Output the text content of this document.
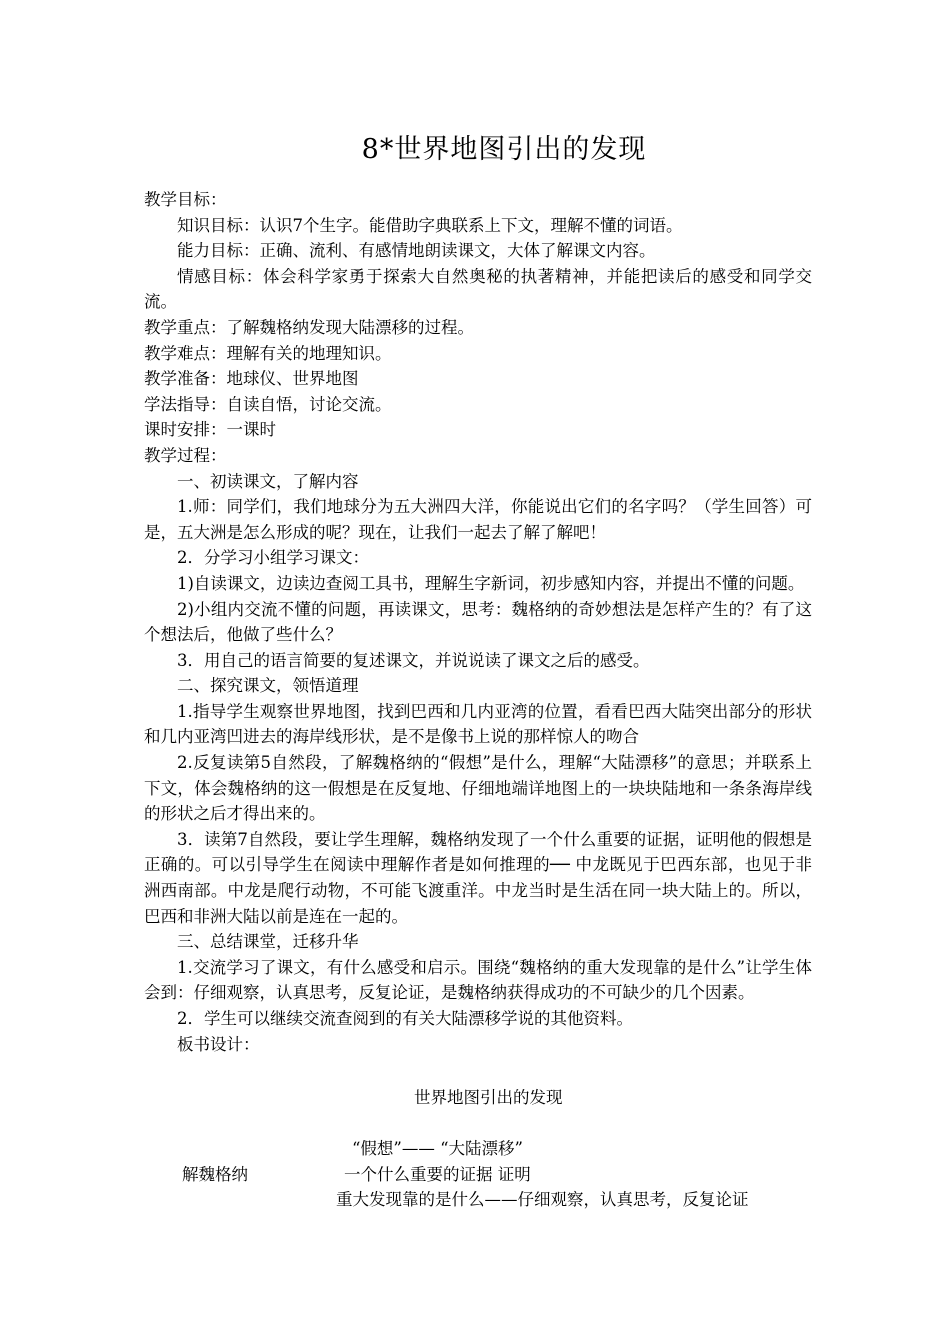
8*世界地图引出的发现

教学目标：

知识目标：认识7个生字。能借助字典联系上下文，理解不懂的词语。

能力目标：正确、流利、有感情地朗读课文，大体了解课文内容。

情感目标：体会科学家勇于探索大自然奥秘的执著精神，并能把读后的感受和同学交流。

教学重点：了解魏格纳发现大陆漂移的过程。

教学难点：理解有关的地理知识。

教学准备：地球仪、世界地图

学法指导：自读自悟，讨论交流。

课时安排：一课时

教学过程：

一、初读课文，了解内容

1.师：同学们，我们地球分为五大洲四大洋，你能说出它们的名字吗？（学生回答）可是，五大洲是怎么形成的呢？现在，让我们一起去了解了解吧！

2．分学习小组学习课文：

1)自读课文，边读边查阅工具书，理解生字新词，初步感知内容，并提出不懂的问题。

2)小组内交流不懂的问题，再读课文，思考：魏格纳的奇妙想法是怎样产生的？有了这个想法后，他做了些什么？

3．用自己的语言简要的复述课文，并说说读了课文之后的感受。

二、探究课文，领悟道理

1.指导学生观察世界地图，找到巴西和几内亚湾的位置，看看巴西大陆突出部分的形状和几内亚湾凹进去的海岸线形状，是不是像书上说的那样惊人的吻合

2.反复读第5自然段，了解魏格纳的“假想”是什么，理解“大陆漂移”的意思；并联系上下文，体会魏格纳的这一假想是在反复地、仔细地端详地图上的一块块陆地和一条条海岸线的形状之后才得出来的。

3．读第7自然段，要让学生理解，魏格纳发现了一个什么重要的证据，证明他的假想是正确的。可以引导学生在阅读中理解作者是如何推理的── 中龙既见于巴西东部，也见于非洲西南部。中龙是爬行动物，不可能飞渡重洋。中龙当时是生活在同一块大陆上的。所以，巴西和非洲大陆以前是连在一起的。

三、总结课堂，迁移升华

1.交流学习了课文，有什么感受和启示。围绕“魏格纳的重大发现靠的是什么”让学生体会到：仔细观察，认真思考，反复论证，是魏格纳获得成功的不可缺少的几个因素。

2．学生可以继续交流查阅到的有关大陆漂移学说的其他资料。

板书设计：

世界地图引出的发现
“假想”—— “大陆漂移”
解魏格纳	一个什么重要的证据 证明
重大发现靠的是什么——仔细观察，认真思考，反复论证
